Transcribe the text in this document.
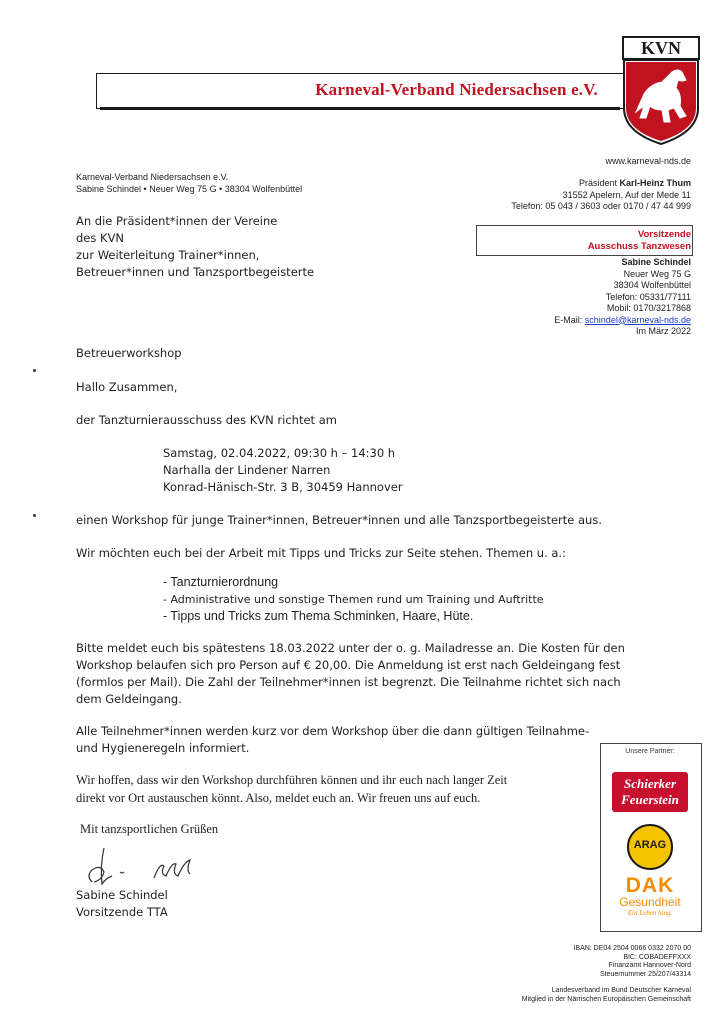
Karneval-Verband Niedersachsen e.V.
KVN
www.karneval-nds.de
Karneval-Verband Niedersachsen e.V.
Sabine Schindel • Neuer Weg 75 G • 38304 Wolfenbüttel
Präsident Karl-Heinz Thum
31552 Apelern, Auf der Mede 11
Telefon: 05 043 / 3603 oder 0170 / 47 44 999
An die Präsident*innen der Vereine
des KVN
zur Weiterleitung Trainer*innen,
Betreuer*innen und Tanzsportbegeisterte
Vorsitzende
Ausschuss Tanzwesen
Sabine Schindel
Neuer Weg 75 G
38304 Wolfenbüttel
Telefon: 05331/77111
Mobil: 0170/3217868
E-Mail: schindel@karneval-nds.de
Im März 2022
Betreuerworkshop
Hallo Zusammen,
der Tanzturnierausschuss des KVN richtet am
Samstag, 02.04.2022, 09:30 h – 14:30 h
Narhalla der Lindener Narren
Konrad-Hänisch-Str. 3 B, 30459 Hannover
einen Workshop für junge Trainer*innen, Betreuer*innen und alle Tanzsportbegeisterte aus.
Wir möchten euch bei der Arbeit mit Tipps und Tricks zur Seite stehen. Themen u. a.:
- Tanzturnierordnung
- Administrative und sonstige Themen rund um Training und Auftritte
- Tipps und Tricks zum Thema Schminken, Haare, Hüte.
Bitte meldet euch bis spätestens 18.03.2022 unter der o. g. Mailadresse an. Die Kosten für den
Workshop belaufen sich pro Person auf € 20,00. Die Anmeldung ist erst nach Geldeingang fest
(formlos per Mail). Die Zahl der Teilnehmer*innen ist begrenzt. Die Teilnahme richtet sich nach
dem Geldeingang.
Alle Teilnehmer*innen werden kurz vor dem Workshop über die dann gültigen Teilnahme-
und Hygieneregeln informiert.
Wir hoffen, dass wir den Workshop durchführen können und ihr euch nach langer Zeit
direkt vor Ort austauschen könnt. Also, meldet euch an. Wir freuen uns auf euch.
Mit tanzsportlichen Grüßen
Sabine Schindel
Vorsitzende TTA
Unsere Partner:
Schierker
Feuerstein
ARAG
DAK
Gesundheit
Ein Leben lang.
IBAN: DE04 2504 0066 0332 2070 00
BIC: COBADEFFXXX
Finanzamt Hannover-Nord
Steuernummer 25/207/43314
Landesverband im Bund Deutscher Karneval
Mitglied in der Närrischen Europäischen Gemeinschaft
